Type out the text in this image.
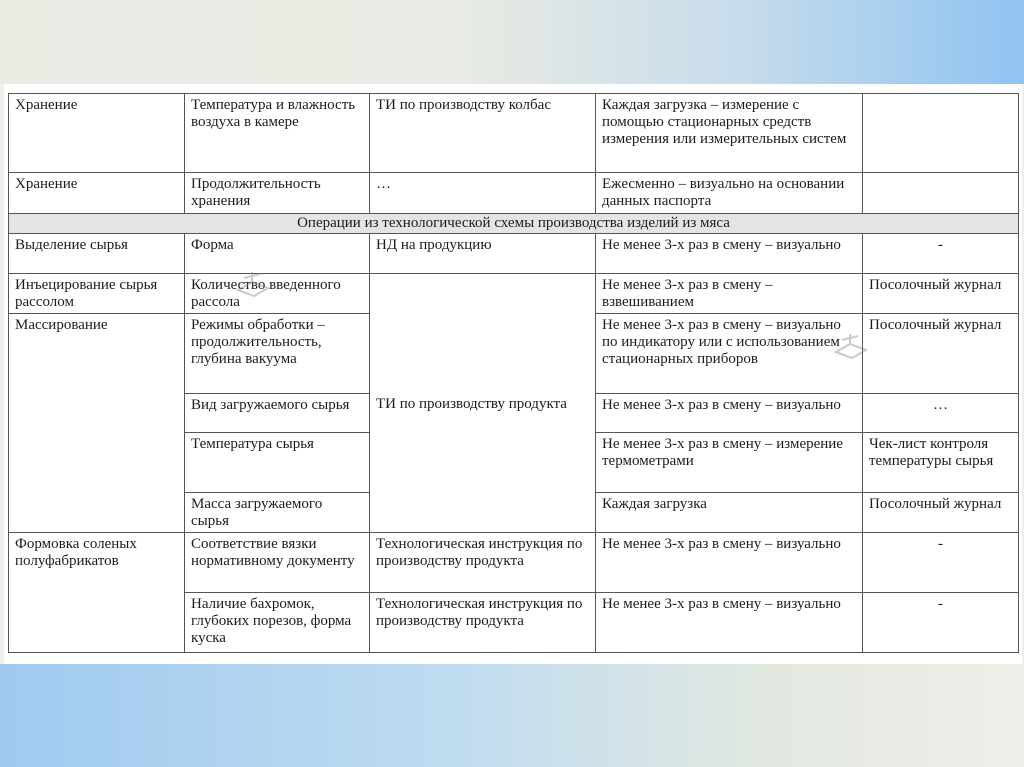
Хранение	Температура и влажность воздуха в камере	ТИ по производству колбас	Каждая загрузка – измерение с помощью стационарных средств измерения или измерительных систем	
Хранение	Продолжительность хранения	…	Ежесменно – визуально на основании данных паспорта	
Операции из технологической схемы производства изделий из мяса				
Выделение сырья	Форма	НД на продукцию	Не менее 3-х раз в смену – визуально	-
Инъецирование сырья рассолом	Количество введенного рассола	ТИ по производству продукта	Не менее 3-х раз в смену – взвешиванием	Посолочный журнал
Массирование	Режимы обработки – продолжительность, глубина вакуума		Не менее 3-х раз в смену – визуально по индикатору или с использованием стационарных приборов	Посолочный журнал
	Вид загружаемого сырья		Не менее 3-х раз в смену – визуально	…
	Температура сырья		Не менее 3-х раз в смену – измерение термометрами	Чек-лист контроля температуры сырья
	Масса загружаемого сырья		Каждая загрузка	Посолочный журнал
Формовка соленых полуфабрикатов	Соответствие вязки нормативному документу	Технологическая инструкция по производству продукта	Не менее 3-х раз в смену – визуально	-
	Наличие бахромок, глубоких порезов, форма куска	Технологическая инструкция по производству продукта	Не менее 3-х раз в смену – визуально	-
